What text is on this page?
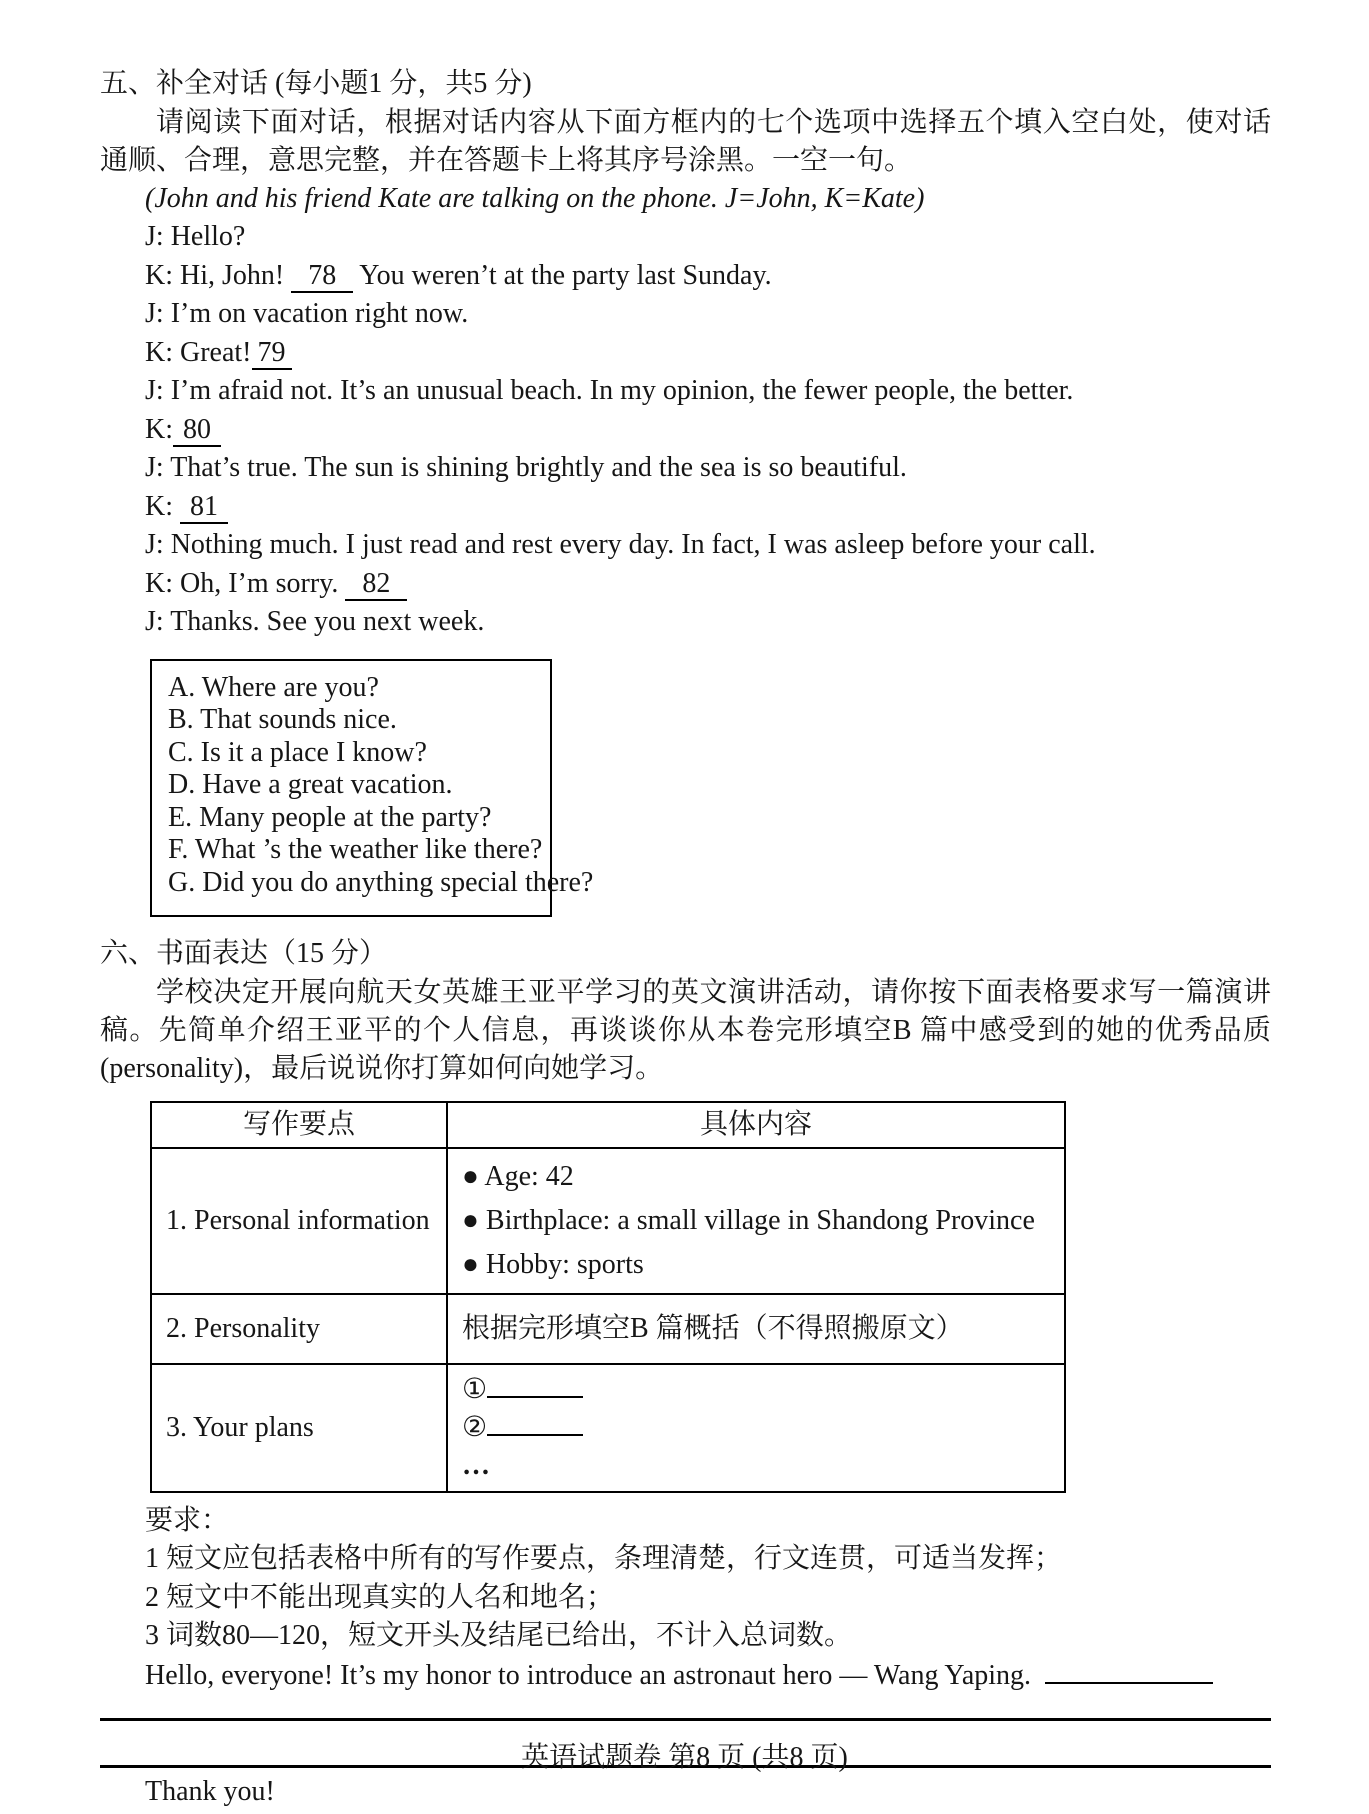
五、补全对话 (每小题1 分，共5 分)

请阅读下面对话，根据对话内容从下面方框内的七个选项中选择五个填入空白处，使对话通顺、合理，意思完整，并在答题卡上将其序号涂黑。一空一句。

(John and his friend Kate are talking on the phone. J=John, K=Kate)

J: Hello?

K: Hi, John! 78 You weren’t at the party last Sunday.

J: I’m on vacation right now.

K: Great! 79

J: I’m afraid not. It’s an unusual beach. In my opinion, the fewer people, the better.

K: 80

J: That’s true. The sun is shining brightly and the sea is so beautiful.

K: 81

J: Nothing much. I just read and rest every day. In fact, I was asleep before your call.

K: Oh, I’m sorry. 82

J: Thanks. See you next week.

A. Where are you?

B. That sounds nice.

C. Is it a place I know?

D. Have a great vacation.

E. Many people at the party?

F. What ’s the weather like there?

G. Did you do anything special there?

六、书面表达（15 分）

学校决定开展向航天女英雄王亚平学习的英文演讲活动，请你按下面表格要求写一篇演讲稿。先简单介绍王亚平的个人信息，再谈谈你从本卷完形填空B 篇中感受到的她的优秀品质 (personality)，最后说说你打算如何向她学习。

写作要点	具体内容
1. Personal information	● Age: 42

● Birthplace: a small village in Shandong Province

● Hobby: sports

2. Personality	根据完形填空B 篇概括（不得照搬原文）

3. Your plans	①

②

…

要求：

1 短文应包括表格中所有的写作要点，条理清楚，行文连贯，可适当发挥；

2 短文中不能出现真实的人名和地名；

3 词数80—120，短文开头及结尾已给出，不计入总词数。

Hello, everyone! It’s my honor to introduce an astronaut hero — Wang Yaping.

Thank you!

英语试题卷 第8 页 (共8 页)
